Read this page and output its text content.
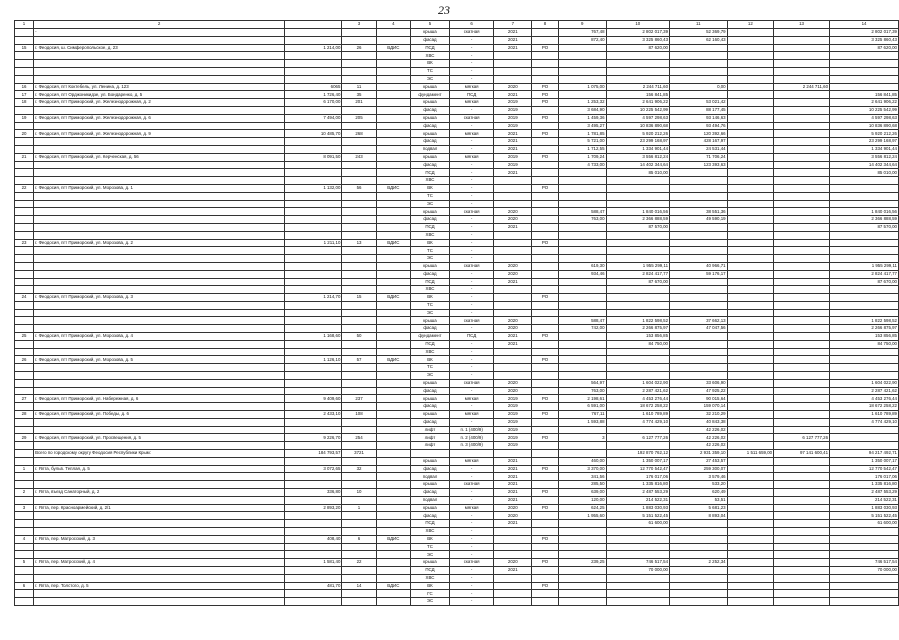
23
1	2		3	4	5	6	7	8	9	10	11	12	13	14
	-				крыша	скатная	2021		767,48	2 802 017,39	52 369,79			2 802 017,39
					фасад	-	2021		872,40	3 325 860,43	62 160,43			3 325 860,43
15	г. Феодосия, ш. Симферопольское, д. 23	1 214,00	26	ВДИС	ПСД	-	2021	РО		87 620,00				87 620,00
					ХВС	-								
					ВК	-								
					ТС	-								
					ЭС	-								
16	г. Феодосия, пгт Коктебель, ул. Ленина, д. 123	6065	11		крыша	мягкая	2020	РО	1 075,00	2 244 711,60	0,00		2 244 711,60	
17	г. Феодосия, пгт Орджоникидзе, ул. Бондаренко, д. 5	1 726,40	35		фундамент	ПСД	2021	РО		156 841,85				156 841,85
18	г. Феодосия, пгт Приморский, ул. Железнодорожная, д. 2	6 170,00	201		крыша	мягкая	2019	РО	1 253,32	2 641 906,22	53 021,42			2 641 906,22
					фасад	-	2019		3 684,90	10 225 542,99	88 177,45			10 225 542,99
19	г. Феодосия, пгт Приморский, ул. Железнодорожная, д. 6	7 494,00	205		крыша	скатная	2019	РО	1 459,36	4 597 298,63	93 146,63			4 597 298,63
					фасад	-	2019		3 495,27	10 836 890,68	93 494,76			10 836 890,68
20	г. Феодосия, пгт Приморский, ул. Железнодорожная, д. 9	10 485,70	268		крыша	мягкая	2021	РО	1 781,85	5 920 212,26	120 392,66			5 920 212,26
					фасад	-	2021		5 721,00	23 299 168,97	428 167,97			23 299 168,97
					подвал	-	2021		1 712,55	1 334 901,44	24 531,44			1 334 901,44
21	г. Феодосия, пгт Приморский, ул. Керченская, д. 56	8 091,50	243		крыша	мягкая	2019	РО	1 709,24	3 556 812,24	71 706,24			3 556 812,24
					фасад	-	2019		4 733,00	14 402 344,64	123 393,63			14 402 344,64
					ПСД	-	2021			85 010,00				85 010,00
					ХВС	-								
22	г. Феодосия, пгт Приморский, ул. Морозова, д. 1	1 132,00	56	ВДИС	ВК	-		РО						
					ТС	-								
					ЭС	-								
					крыша	скатная	2020		588,47	1 840 016,56	38 551,36			1 840 016,56
					фасад	-	2020		763,00	2 366 888,59	49 590,19			2 366 888,59
					ПСД	-	2021			87 570,00				87 570,00
					ХВС	-								
23	г. Феодосия, пгт Приморский, ул. Морозова, д. 2	1 211,10	13	ВДИС	ВК	-		РО						
					ТС	-								
					ЭС	-								
					крыша	скатная	2020		619,30	1 955 299,11	40 966,71			1 955 299,11
					фасад	-	2020		934,46	2 824 417,77	59 176,17			2 824 417,77
					ПСД	-	2021			87 670,00				87 670,00
					ХВС	-								
24	г. Феодосия, пгт Приморский, ул. Морозова, д. 3	1 214,70	15	ВДИС	ВК	-		РО						
					ТС	-								
					ЭС	-								
					крыша	скатная	2020		588,47	1 822 598,52	37 662,13			1 822 598,52
					фасад	-	2020		742,00	2 266 875,97	47 047,56			2 266 875,97
25	г. Феодосия, пгт Приморский, ул. Морозова, д. 4	1 168,60	50		фундамент	ПСД	2021	РО		153 856,85				153 856,85
					ПСД	-	2021			84 750,00				84 750,00
					ХВС	-								
26	г. Феодосия, пгт Приморский, ул. Морозова, д. 5	1 126,10	57	ВДИС	ВК	-		РО						
					ТС	-								
					ЭС	-								
					крыша	скатная	2020		564,97	1 604 022,90	33 606,90			1 604 022,90
					фасад	-	2020		763,00	2 287 421,62	47 925,22			2 287 421,62
27	г. Феодосия, пгт Приморский, ул. Набережная, д. 6	9 409,60	237		крыша	мягкая	2019	РО	2 198,61	4 453 276,44	90 015,64			4 453 276,44
					фасад	-	2019		6 591,00	18 672 258,22	159 070,14			18 672 258,22
28	г. Феодосия, пгт Приморский, ул. Победы, д. 6	2 433,10	108		крыша	мягкая	2019	РО	767,11	1 610 789,89	32 210,29			1 610 789,89
					фасад	-	2019		1 593,88	4 774 429,10	40 843,38			4 774 429,10
					лифт	п. 1 (400/9)	2019				42 226,02			
29	г. Феодосия, пгт Приморский, ул. Просвещения, д. 5	9 226,70	254		лифт	п. 2 (400/9)	2019	РО	3	6 127 777,26	42 226,02		6 127 777,26	
					лифт	п. 3 (400/9)	2019				42 226,02			
	Всего по городскому округу Феодосия Республики Крым:	184 793,57	3721							192 870 762,12	2 931 359,10	1 511 659,00	97 141 600,41	94 217 492,71
					крыша	мягкая	2021		460,00	1 350 007,17	27 453,57			1 350 007,17
1	г. Ялта, бульв. Теплая, д. 5	3 072,65	32		фасад	-	2021	РО	3 370,00	12 770 542,47	259 300,07			12 770 542,47
					подвал	-	2021		341,56	176 017,06	3 579,46			176 017,06
					крыша	скатная	2021		285,50	1 335 816,80	533,20			1 335 816,80
2	г. Ялта, въезд Санаторный, д. 2	336,80	10		фасад	-	2021	РО	639,00	2 487 553,29	620,49			2 487 553,29
					подвал	-	2021		120,00	214 522,31	53,51			214 522,31
3	г. Ялта, пер. Красноармейский, д. 2/1	2 893,20	1		крыша	мягкая	2020	РО	624,25	1 883 030,93	5 681,23			1 883 030,93
					фасад	-	2020		1 955,60	5 151 522,45	8 893,04			5 151 522,45
					ПСД	-	2021			61 600,00				61 600,00
					ХВС	-								
4	г. Ялта, пер. Матросский, д. 3	408,40	6	ВДИС	ВК	-		РО						
					ТС	-								
					ЭС	-								
5	г. Ялта, пер. Матросский, д. 4	1 581,40	22		крыша	скатная	2020	РО	239,25	746 517,54	2 252,34			746 517,54
					ПСД	-	2021			70 000,00				70 000,00
					ХВС	-								
6	г. Ялта, пер. Толстого, д. 5	481,70	14	ВДИС	ВК	-		РО						
					ГС	-								
					ЭС	-								
